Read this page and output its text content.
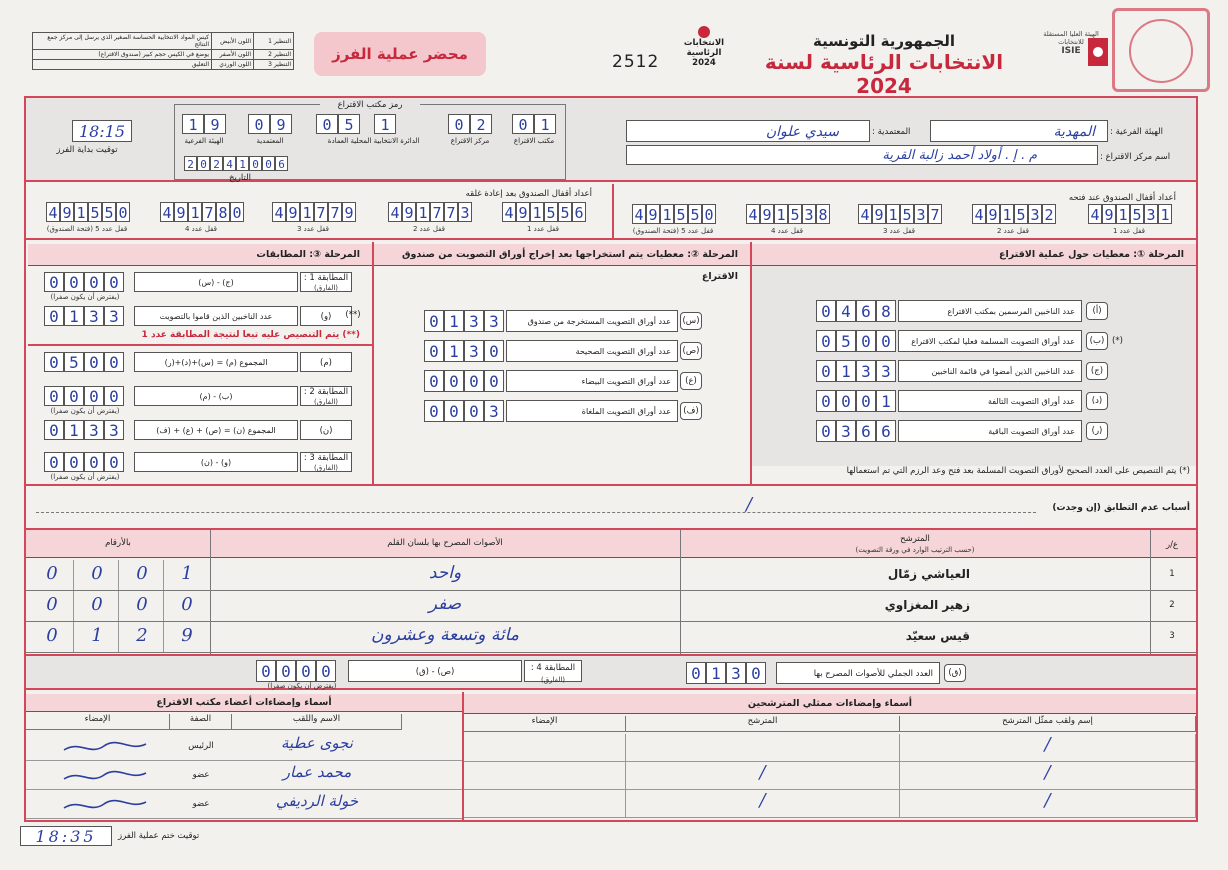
التنظير 1	اللون الأبيض	كيس المواد الانتخابية الحساسة الصغير الذي يرسل إلى مركز جمع النتائج
التنظير 2	اللون الأصفر	يوضع في الكيس حجم كبير (صندوق الاقتراع)
التنظير 3	اللون الوردي	التعليق
محضر عملية الفرز	2512
الانتخابات الرئاسية 2024
الجمهورية التونسية
الانتخابات الرئاسية لسنة 2024
الهيئة العليا المستقلة للانتخابات
ISIE
توقيت بداية الفرز
18:15
رمز مكتب الاقتراع
0 1
مكتب الاقتراع
0 2
مركز الاقتراع
1
الدائرة الانتخابية المحلية
0 5
العمادة
0 9
المعتمدية
1 9
الهيئة الفرعية
2 0 2 4 1 0 0 6
التاريخ
الهيئة الفرعية :
المهدية
المعتمدية :
سيدي علوان
اسم مركز الاقتراع :
م . إ . أولاد أحمد زالبة القرية
أعداد أقفال الصندوق عند فتحه
أعداد أقفال الصندوق بعد إعادة غلقه
4 9 1 5 3 1
قفل عدد 1
4 9 1 5 3 2
قفل عدد 2
4 9 1 5 3 7
قفل عدد 3
4 9 1 5 3 8
قفل عدد 4
4 9 1 5 5 0
قفل عدد 5 (فتحة الصندوق)
4 9 1 5 5 6
قفل عدد 1
4 9 1 7 7 3
قفل عدد 2
4 9 1 7 7 9
قفل عدد 3
4 9 1 7 8 0
قفل عدد 4
4 9 1 5 5 0
قفل عدد 5 (فتحة الصندوق)
المرحلة ①: معطيات حول عملية الاقتراع
المرحلة ②: معطيات يتم استخراجها بعد إخراج أوراق التصويت من صندوق الاقتراع
المرحلة ③: المطابقات
(أ)
عدد الناخبين المرسمين بمكتب الاقتراع
0 4 6 8
(ب)
عدد أوراق التصويت المسلمة فعليا لمكتب الاقتراع
0 5 0 0	(*)
(ج)
عدد الناخبين الذين أمضوا في قائمة الناخبين
0 1 3 3
(د)
عدد أوراق التصويت التالفة
0 0 0 1
(ر)
عدد أوراق التصويت الباقية
0 3 6 6
(*) يتم التنصيص على العدد الصحيح لأوراق التصويت المسلمة بعد فتح وعد الرزم التي تم استعمالها
(س)
عدد أوراق التصويت المستخرجة من صندوق
0 1 3 3
(ص)
عدد أوراق التصويت الصحيحة
0 1 3 0
(ع)
عدد أوراق التصويت البيضاء
0 0 0 0
(ف)
عدد أوراق التصويت الملغاة
0 0 0 3
المطابقة 1 :
(الفارق)
(ج) - (س)
0 0 0 0
(يفترض أن يكون صفرا)
(و)
عدد الناخبين الذين قاموا بالتصويت
0 1 3 3	(**)
(م)
المجموع (م) = (س)+(د)+(ر)
0 5 0 0
المطابقة 2 :
(الفارق)
(ب) - (م)
0 0 0 0
(يفترض أن يكون صفرا)
(ن)
المجموع (ن) = (ص) + (ع) + (ف)
0 1 3 3
المطابقة 3 :
(الفارق)
(و) - (ن)
0 0 0 0
(يفترض أن يكون صفرا)
(**) يتم التنصيص عليه تبعا لنتيجة المطابقة عدد 1
أسباب عدم التطابق (إن وجدت)
/
ع/ر
المترشح
(حسب الترتيب الوارد في ورقة التصويت)
الأصوات المصرح بها بلسان القلم
بالأرقام
1
العياشي زمّال
واحد
0	0	0	1
2
زهير المغزاوي
صفر
0	0	0	0
3
قيس سعيّد
مائة وتسعة وعشرون
0	1	2	9
(ق)
العدد الجملي للأصوات المصرح بها
0 1 3 0
المطابقة 4 :
(الفارق)
(ص) - (ق)
0 0 0 0
(يفترض أن يكون صفرا)
أسماء وإمضاءات ممثلي المترشحين
أسماء وإمضاءات أعضاء مكتب الاقتراع
إسم ولقب ممثّل المترشح
المترشح
الإمضاء
/
/
/
/
/
الاسم واللقب
الصفة
الإمضاء
نجوى عطية
الرئيس
محمد عمار
عضو
خولة الرديفي
عضو
18:35	توقيت ختم عملية الفرز
